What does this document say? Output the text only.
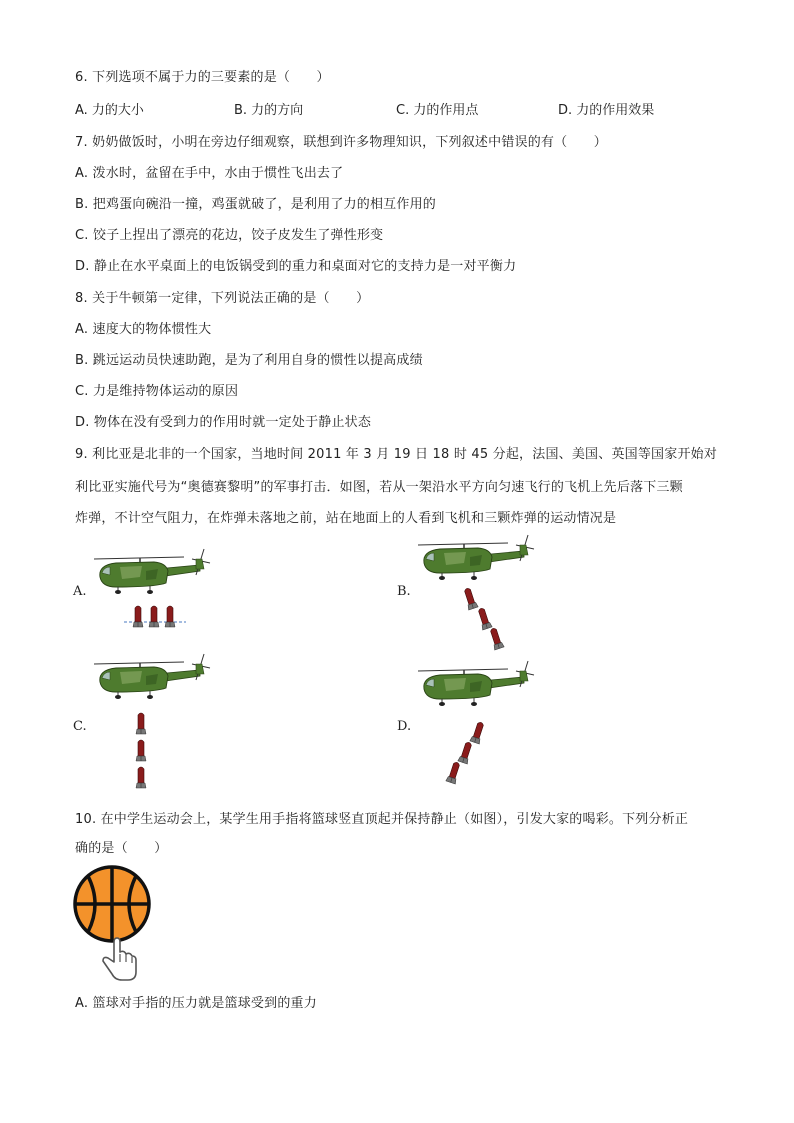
6. 下列选项不属于力的三要素的是（　　）
A. 力的大小	B. 力的方向	C. 力的作用点	D. 力的作用效果
7. 奶奶做饭时，小明在旁边仔细观察，联想到许多物理知识，下列叙述中错误的有（　　）
A. 泼水时，盆留在手中，水由于惯性飞出去了
B. 把鸡蛋向碗沿一撞，鸡蛋就破了，是利用了力的相互作用的
C. 饺子上捏出了漂亮的花边，饺子皮发生了弹性形变
D. 静止在水平桌面上的电饭锅受到的重力和桌面对它的支持力是一对平衡力
8. 关于牛顿第一定律，下列说法正确的是（　　）
A. 速度大的物体惯性大
B. 跳远运动员快速助跑，是为了利用自身的惯性以提高成绩
C. 力是维持物体运动的原因
D. 物体在没有受到力的作用时就一定处于静止状态
9. 利比亚是北非的一个国家，当地时间 2011 年 3 月 19 日 18 时 45 分起，法国、美国、英国等国家开始对
利比亚实施代号为“奥德赛黎明”的军事打击．如图，若从一架沿水平方向匀速飞行的飞机上先后落下三颗
炸弹，不计空气阻力，在炸弹未落地之前，站在地面上的人看到飞机和三颗炸弹的运动情况是
A.	B.
C.	D.
10. 在中学生运动会上，某学生用手指将篮球竖直顶起并保持静止（如图），引发大家的喝彩。下列分析正
确的是（　　）
A. 篮球对手指的压力就是篮球受到的重力
